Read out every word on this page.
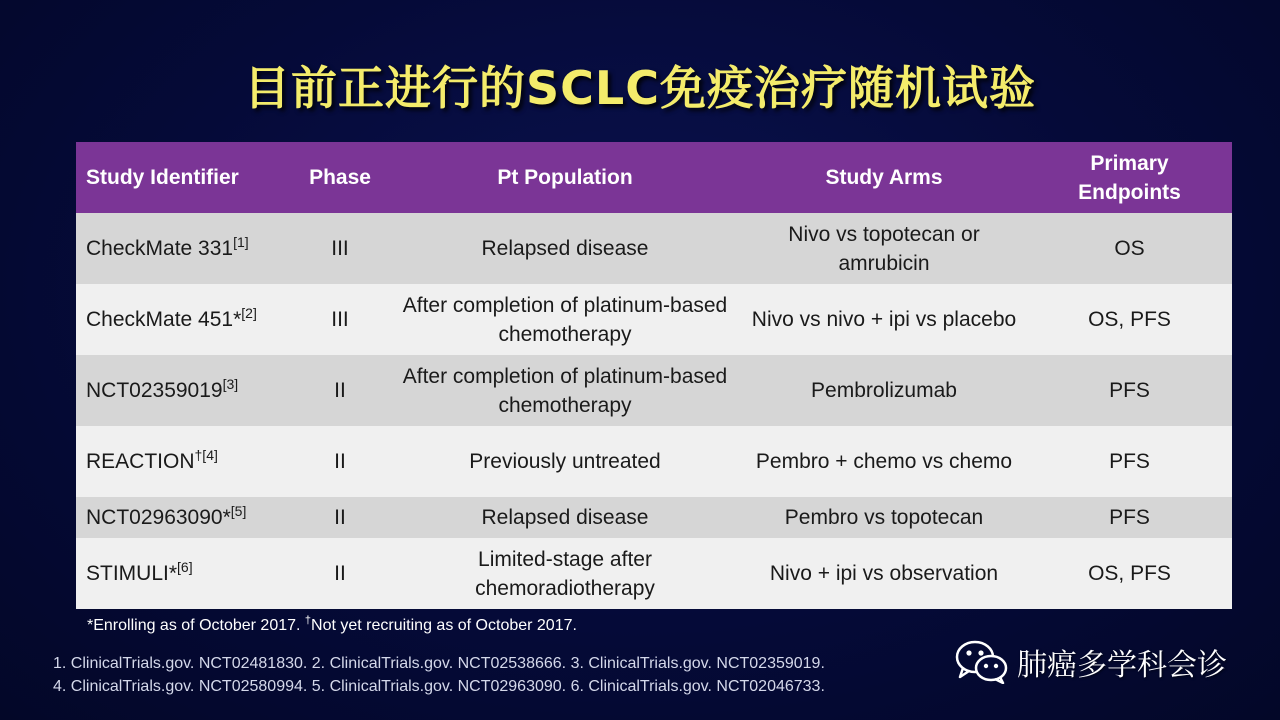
目前正进行的SCLC免疫治疗随机试验
Study Identifier	Phase	Pt Population	Study Arms	Primary Endpoints
CheckMate 331[1]	III	Relapsed disease	Nivo vs topotecan or amrubicin	OS
CheckMate 451*[2]	III	After completion of platinum-based chemotherapy	Nivo vs nivo + ipi vs placebo	OS, PFS
NCT02359019[3]	II	After completion of platinum-based chemotherapy	Pembrolizumab	PFS
$REACTION^{\dagger[4]}$	II	Previously untreated	Pembro + chemo vs chemo	PFS
NCT02963090*[5]	II	Relapsed disease	Pembro vs topotecan	PFS
STIMULI*[6]	II	Limited-stage after chemoradiotherapy	Nivo + ipi vs observation	OS, PFS
*Enrolling as of October 2017. †Not yet recruiting as of October 2017.
1. ClinicalTrials.gov. NCT02481830. 2. ClinicalTrials.gov. NCT02538666. 3. ClinicalTrials.gov. NCT02359019.
4. ClinicalTrials.gov. NCT02580994. 5. ClinicalTrials.gov. NCT02963090. 6. ClinicalTrials.gov. NCT02046733.
肺癌多学科会诊
